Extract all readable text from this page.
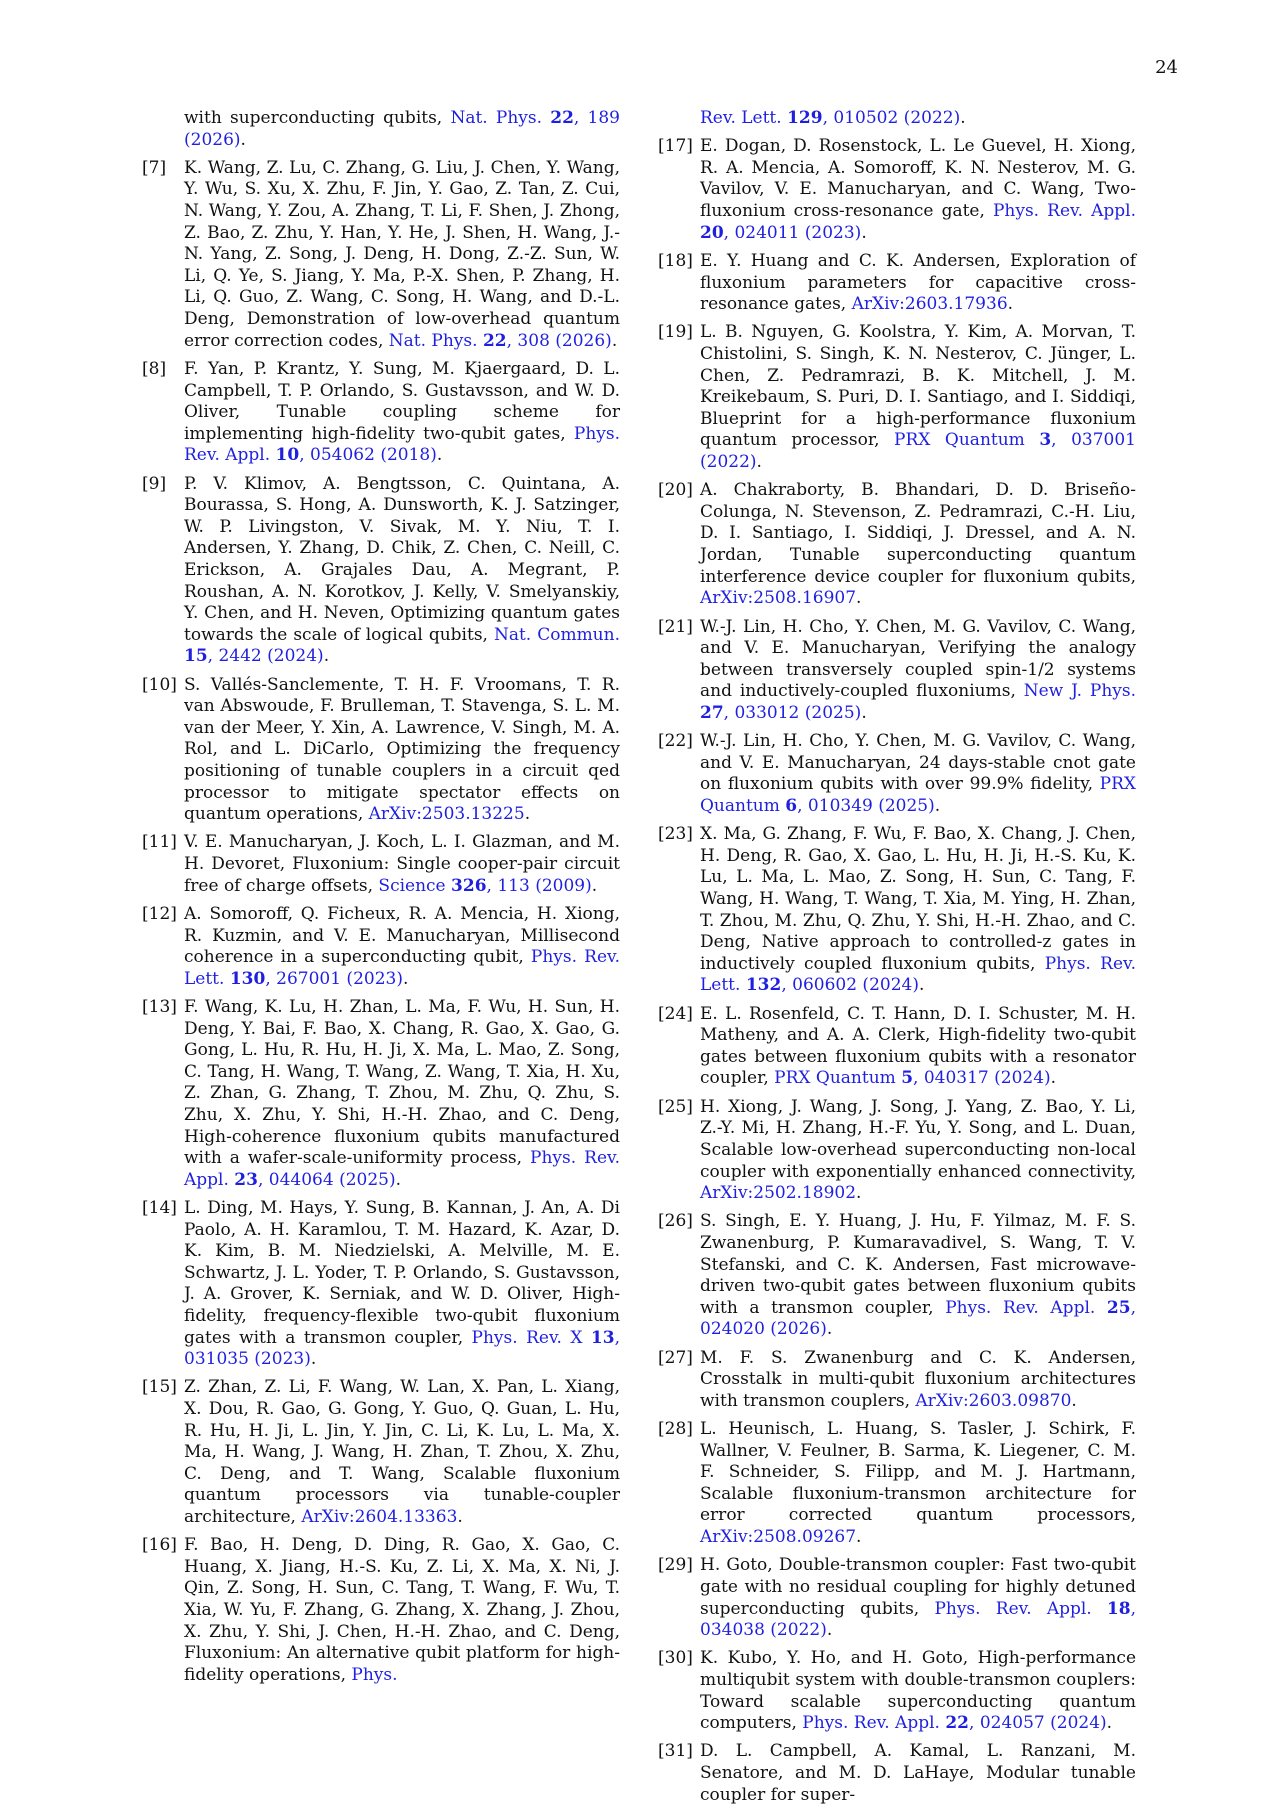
24
with superconducting qubits, Nat. Phys. 22, 189 (2026).
[7] K. Wang, Z. Lu, C. Zhang, G. Liu, J. Chen, Y. Wang, Y. Wu, S. Xu, X. Zhu, F. Jin, Y. Gao, Z. Tan, Z. Cui, N. Wang, Y. Zou, A. Zhang, T. Li, F. Shen, J. Zhong, Z. Bao, Z. Zhu, Y. Han, Y. He, J. Shen, H. Wang, J.-N. Yang, Z. Song, J. Deng, H. Dong, Z.-Z. Sun, W. Li, Q. Ye, S. Jiang, Y. Ma, P.-X. Shen, P. Zhang, H. Li, Q. Guo, Z. Wang, C. Song, H. Wang, and D.-L. Deng, Demonstration of low-overhead quantum error correction codes, Nat. Phys. 22, 308 (2026).
[8] F. Yan, P. Krantz, Y. Sung, M. Kjaergaard, D. L. Campbell, T. P. Orlando, S. Gustavsson, and W. D. Oliver, Tunable coupling scheme for implementing high-fidelity two-qubit gates, Phys. Rev. Appl. 10, 054062 (2018).
[9] P. V. Klimov, A. Bengtsson, C. Quintana, A. Bourassa, S. Hong, A. Dunsworth, K. J. Satzinger, W. P. Livingston, V. Sivak, M. Y. Niu, T. I. Andersen, Y. Zhang, D. Chik, Z. Chen, C. Neill, C. Erickson, A. Grajales Dau, A. Megrant, P. Roushan, A. N. Korotkov, J. Kelly, V. Smelyanskiy, Y. Chen, and H. Neven, Optimizing quantum gates towards the scale of logical qubits, Nat. Commun. 15, 2442 (2024).
[10] S. Vallés-Sanclemente, T. H. F. Vroomans, T. R. van Abswoude, F. Brulleman, T. Stavenga, S. L. M. van der Meer, Y. Xin, A. Lawrence, V. Singh, M. A. Rol, and L. DiCarlo, Optimizing the frequency positioning of tunable couplers in a circuit qed processor to mitigate spectator effects on quantum operations, ArXiv:2503.13225.
[11] V. E. Manucharyan, J. Koch, L. I. Glazman, and M. H. Devoret, Fluxonium: Single cooper-pair circuit free of charge offsets, Science 326, 113 (2009).
[12] A. Somoroff, Q. Ficheux, R. A. Mencia, H. Xiong, R. Kuzmin, and V. E. Manucharyan, Millisecond coherence in a superconducting qubit, Phys. Rev. Lett. 130, 267001 (2023).
[13] F. Wang, K. Lu, H. Zhan, L. Ma, F. Wu, H. Sun, H. Deng, Y. Bai, F. Bao, X. Chang, R. Gao, X. Gao, G. Gong, L. Hu, R. Hu, H. Ji, X. Ma, L. Mao, Z. Song, C. Tang, H. Wang, T. Wang, Z. Wang, T. Xia, H. Xu, Z. Zhan, G. Zhang, T. Zhou, M. Zhu, Q. Zhu, S. Zhu, X. Zhu, Y. Shi, H.-H. Zhao, and C. Deng, High-coherence fluxonium qubits manufactured with a wafer-scale-uniformity process, Phys. Rev. Appl. 23, 044064 (2025).
[14] L. Ding, M. Hays, Y. Sung, B. Kannan, J. An, A. Di Paolo, A. H. Karamlou, T. M. Hazard, K. Azar, D. K. Kim, B. M. Niedzielski, A. Melville, M. E. Schwartz, J. L. Yoder, T. P. Orlando, S. Gustavsson, J. A. Grover, K. Serniak, and W. D. Oliver, High-fidelity, frequency-flexible two-qubit fluxonium gates with a transmon coupler, Phys. Rev. X 13, 031035 (2023).
[15] Z. Zhan, Z. Li, F. Wang, W. Lan, X. Pan, L. Xiang, X. Dou, R. Gao, G. Gong, Y. Guo, Q. Guan, L. Hu, R. Hu, H. Ji, L. Jin, Y. Jin, C. Li, K. Lu, L. Ma, X. Ma, H. Wang, J. Wang, H. Zhan, T. Zhou, X. Zhu, C. Deng, and T. Wang, Scalable fluxonium quantum processors via tunable-coupler architecture, ArXiv:2604.13363.
[16] F. Bao, H. Deng, D. Ding, R. Gao, X. Gao, C. Huang, X. Jiang, H.-S. Ku, Z. Li, X. Ma, X. Ni, J. Qin, Z. Song, H. Sun, C. Tang, T. Wang, F. Wu, T. Xia, W. Yu, F. Zhang, G. Zhang, X. Zhang, J. Zhou, X. Zhu, Y. Shi, J. Chen, H.-H. Zhao, and C. Deng, Fluxonium: An alternative qubit platform for high-fidelity operations, Phys.
Rev. Lett. 129, 010502 (2022).
[17] E. Dogan, D. Rosenstock, L. Le Guevel, H. Xiong, R. A. Mencia, A. Somoroff, K. N. Nesterov, M. G. Vavilov, V. E. Manucharyan, and C. Wang, Two-fluxonium cross-resonance gate, Phys. Rev. Appl. 20, 024011 (2023).
[18] E. Y. Huang and C. K. Andersen, Exploration of fluxonium parameters for capacitive cross-resonance gates, ArXiv:2603.17936.
[19] L. B. Nguyen, G. Koolstra, Y. Kim, A. Morvan, T. Chistolini, S. Singh, K. N. Nesterov, C. Jünger, L. Chen, Z. Pedramrazi, B. K. Mitchell, J. M. Kreikebaum, S. Puri, D. I. Santiago, and I. Siddiqi, Blueprint for a high-performance fluxonium quantum processor, PRX Quantum 3, 037001 (2022).
[20] A. Chakraborty, B. Bhandari, D. D. Briseño-Colunga, N. Stevenson, Z. Pedramrazi, C.-H. Liu, D. I. Santiago, I. Siddiqi, J. Dressel, and A. N. Jordan, Tunable superconducting quantum interference device coupler for fluxonium qubits, ArXiv:2508.16907.
[21] W.-J. Lin, H. Cho, Y. Chen, M. G. Vavilov, C. Wang, and V. E. Manucharyan, Verifying the analogy between transversely coupled spin-1/2 systems and inductively-coupled fluxoniums, New J. Phys. 27, 033012 (2025).
[22] W.-J. Lin, H. Cho, Y. Chen, M. G. Vavilov, C. Wang, and V. E. Manucharyan, 24 days-stable cnot gate on fluxonium qubits with over 99.9% fidelity, PRX Quantum 6, 010349 (2025).
[23] X. Ma, G. Zhang, F. Wu, F. Bao, X. Chang, J. Chen, H. Deng, R. Gao, X. Gao, L. Hu, H. Ji, H.-S. Ku, K. Lu, L. Ma, L. Mao, Z. Song, H. Sun, C. Tang, F. Wang, H. Wang, T. Wang, T. Xia, M. Ying, H. Zhan, T. Zhou, M. Zhu, Q. Zhu, Y. Shi, H.-H. Zhao, and C. Deng, Native approach to controlled-z gates in inductively coupled fluxonium qubits, Phys. Rev. Lett. 132, 060602 (2024).
[24] E. L. Rosenfeld, C. T. Hann, D. I. Schuster, M. H. Matheny, and A. A. Clerk, High-fidelity two-qubit gates between fluxonium qubits with a resonator coupler, PRX Quantum 5, 040317 (2024).
[25] H. Xiong, J. Wang, J. Song, J. Yang, Z. Bao, Y. Li, Z.-Y. Mi, H. Zhang, H.-F. Yu, Y. Song, and L. Duan, Scalable low-overhead superconducting non-local coupler with exponentially enhanced connectivity, ArXiv:2502.18902.
[26] S. Singh, E. Y. Huang, J. Hu, F. Yilmaz, M. F. S. Zwanenburg, P. Kumaravadivel, S. Wang, T. V. Stefanski, and C. K. Andersen, Fast microwave-driven two-qubit gates between fluxonium qubits with a transmon coupler, Phys. Rev. Appl. 25, 024020 (2026).
[27] M. F. S. Zwanenburg and C. K. Andersen, Crosstalk in multi-qubit fluxonium architectures with transmon couplers, ArXiv:2603.09870.
[28] L. Heunisch, L. Huang, S. Tasler, J. Schirk, F. Wallner, V. Feulner, B. Sarma, K. Liegener, C. M. F. Schneider, S. Filipp, and M. J. Hartmann, Scalable fluxonium-transmon architecture for error corrected quantum processors, ArXiv:2508.09267.
[29] H. Goto, Double-transmon coupler: Fast two-qubit gate with no residual coupling for highly detuned superconducting qubits, Phys. Rev. Appl. 18, 034038 (2022).
[30] K. Kubo, Y. Ho, and H. Goto, High-performance multiqubit system with double-transmon couplers: Toward scalable superconducting quantum computers, Phys. Rev. Appl. 22, 024057 (2024).
[31] D. L. Campbell, A. Kamal, L. Ranzani, M. Senatore, and M. D. LaHaye, Modular tunable coupler for super-
